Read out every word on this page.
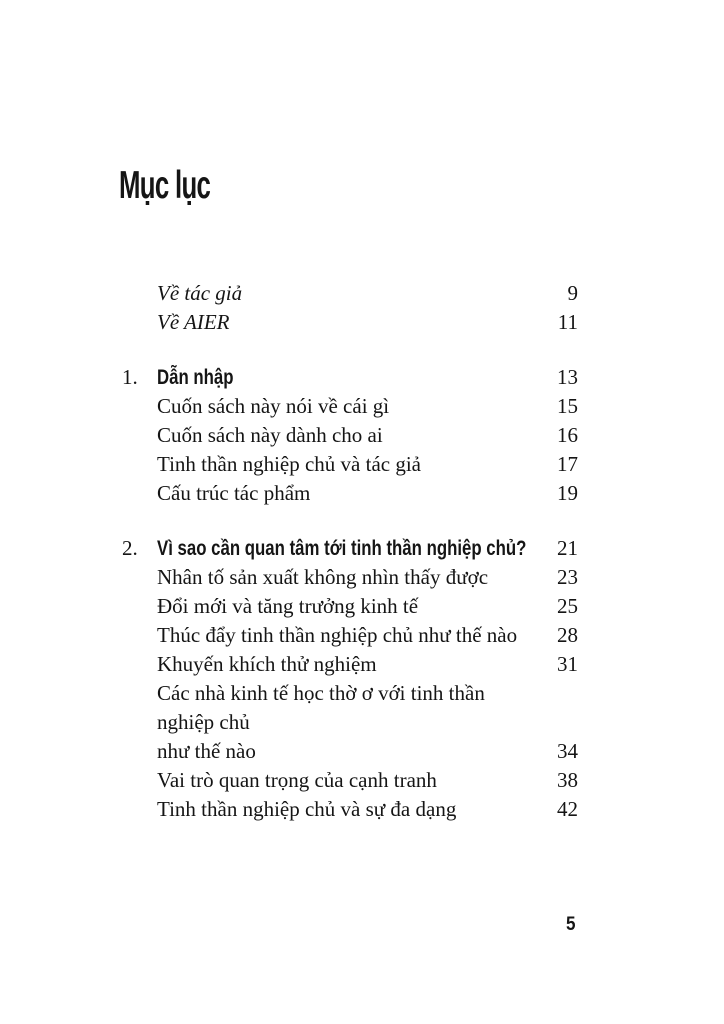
Mục lục
Về tác giả	9
Về AIER	11
1. Dẫn nhập	13
Cuốn sách này nói về cái gì	15
Cuốn sách này dành cho ai	16
Tinh thần nghiệp chủ và tác giả	17
Cấu trúc tác phẩm	19
2. Vì sao cần quan tâm tới tinh thần nghiệp chủ? 21
Nhân tố sản xuất không nhìn thấy được	23
Đổi mới và tăng trưởng kinh tế	25
Thúc đẩy tinh thần nghiệp chủ như thế nào	28
Khuyến khích thử nghiệm	31
Các nhà kinh tế học thờ ơ với tinh thần nghiệp chủ
như thế nào	34
Vai trò quan trọng của cạnh tranh	38
Tinh thần nghiệp chủ và sự đa dạng	42
5
